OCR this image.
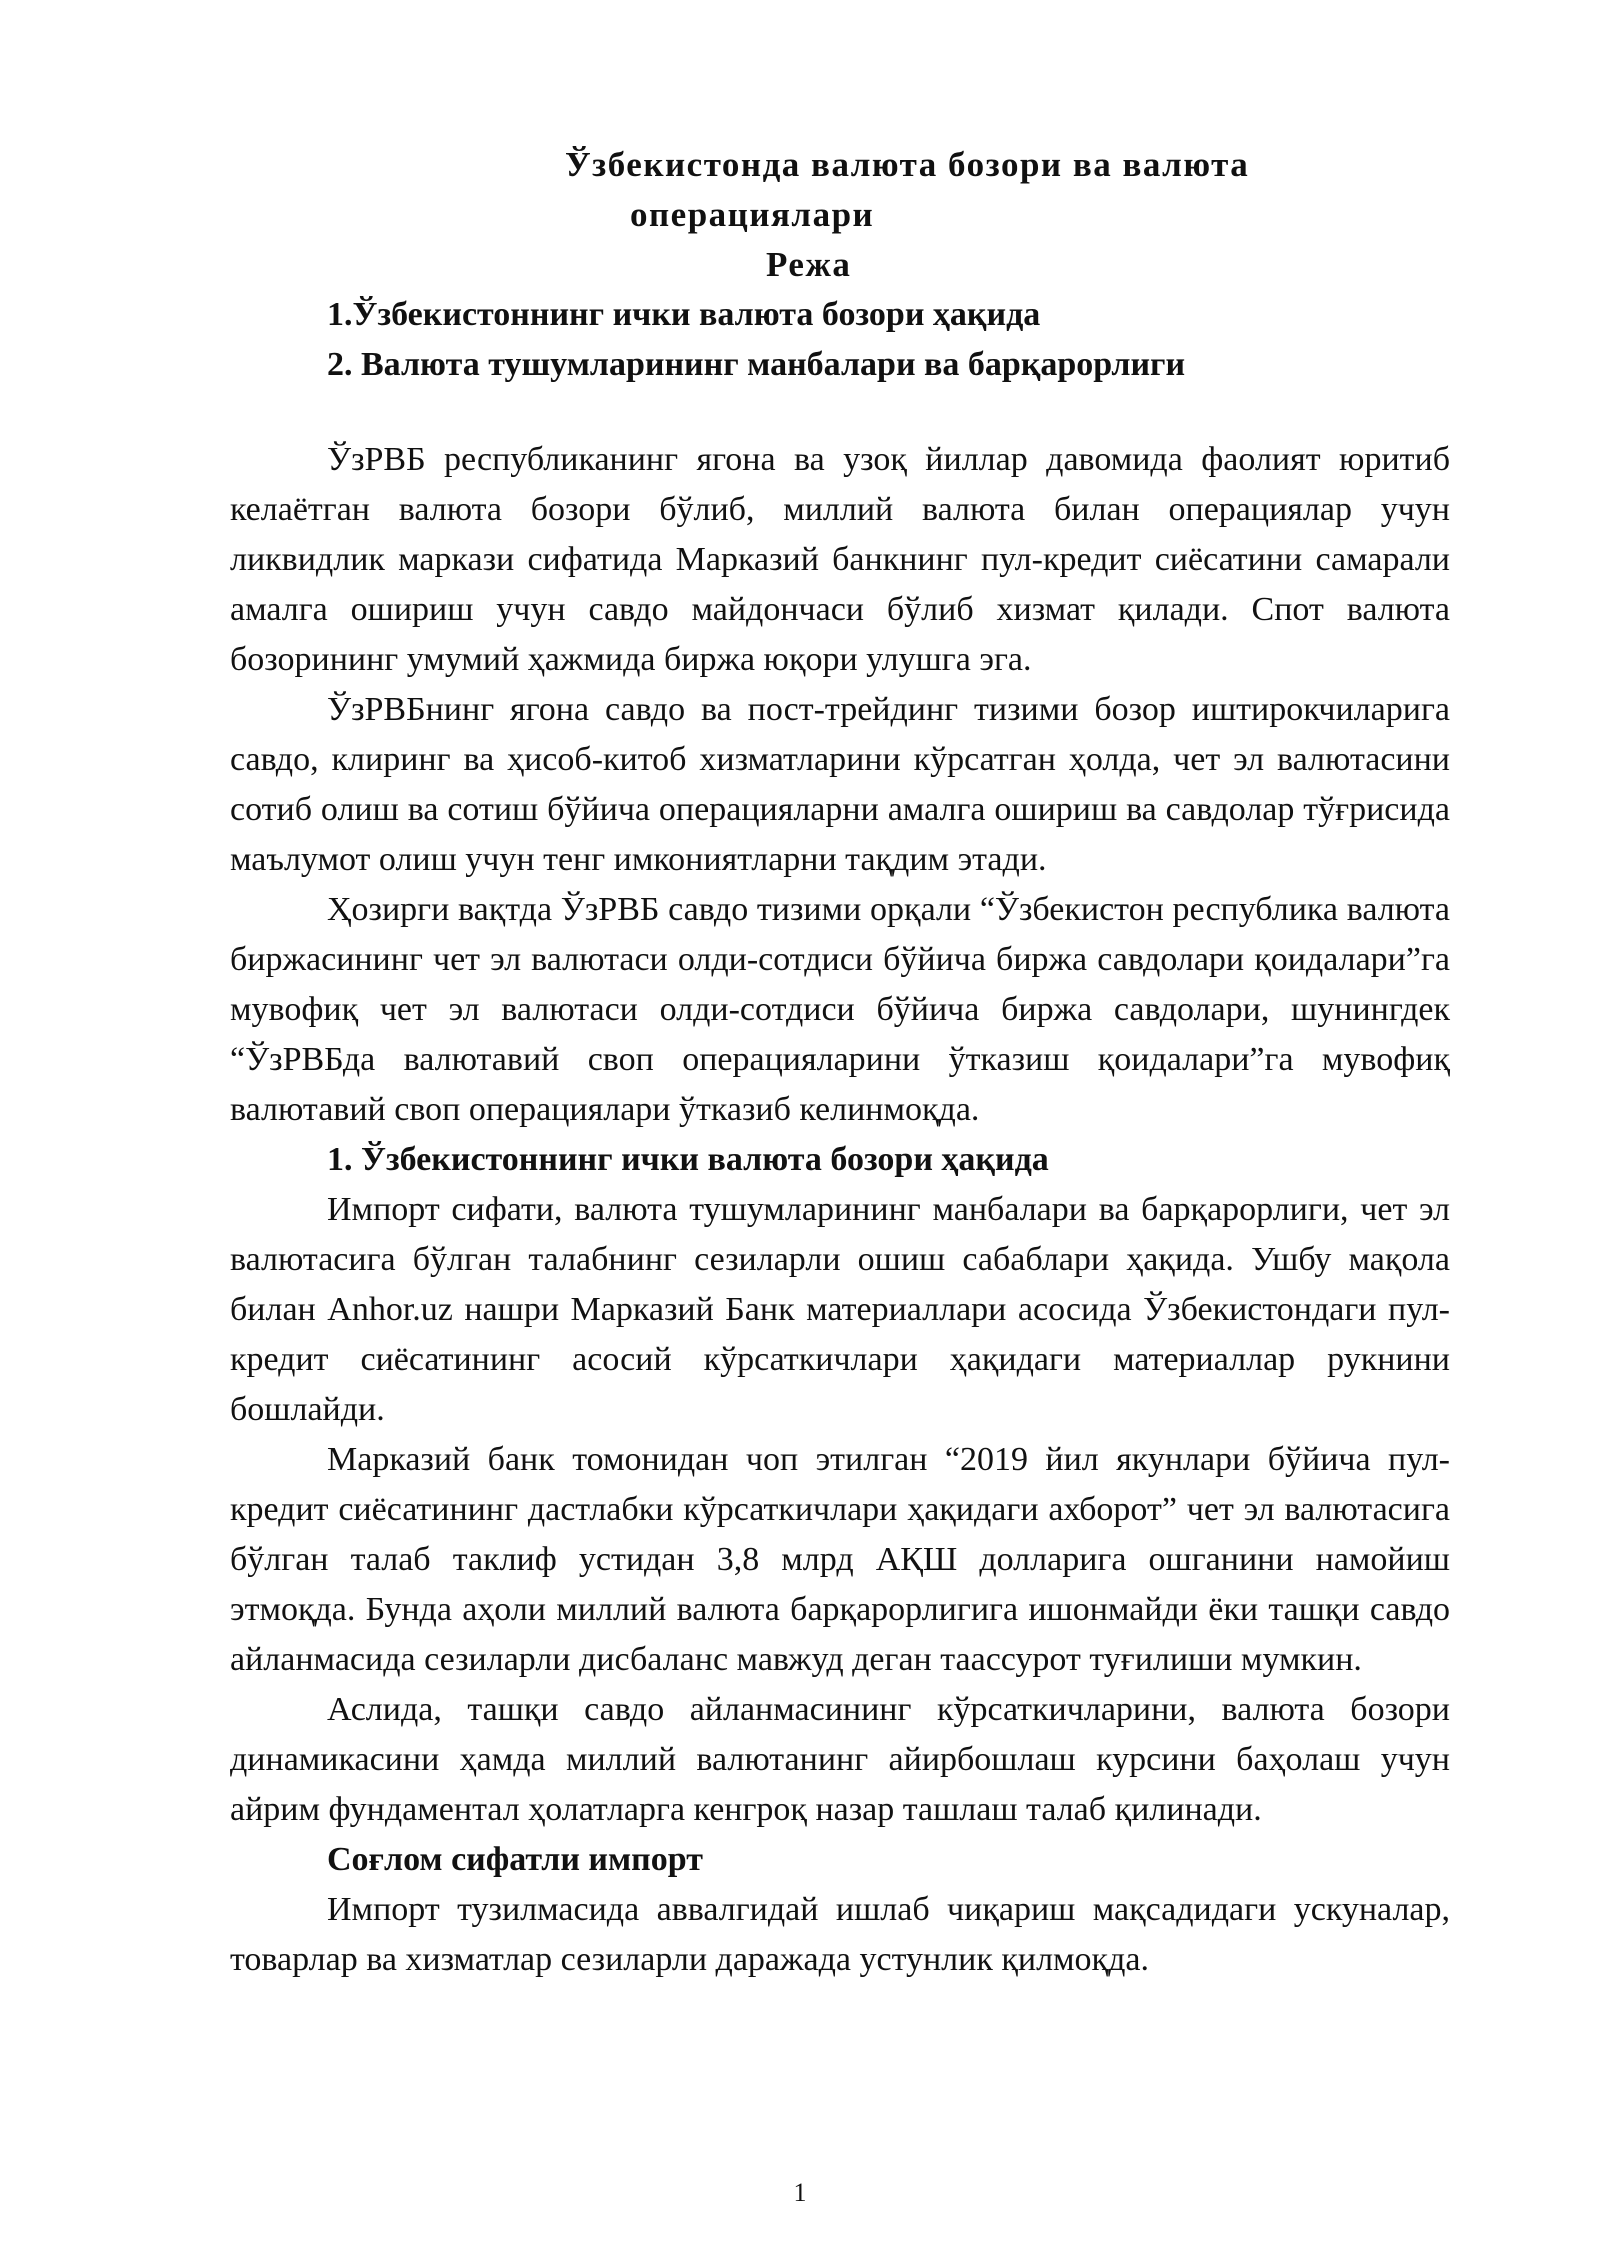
Ўзбекистонда валюта бозори ва валюта
операциялари
Режа

1.Ўзбекистоннинг ички валюта бозори ҳақида

2. Валюта тушумларининг манбалари ва барқарорлиги

ЎзРВБ республиканинг ягона ва узоқ йиллар давомида фаолият юритиб келаётган валюта бозори бўлиб, миллий валюта билан операциялар учун ликвидлик маркази сифатида Марказий банкнинг пул-кредит сиёсатини самарали амалга ошириш учун савдо майдончаси бўлиб хизмат қилади. Спот валюта бозорининг умумий ҳажмида биржа юқори улушга эга.

ЎзРВБнинг ягона савдо ва пост-трейдинг тизими бозор иштирокчиларига савдо, клиринг ва ҳисоб-китоб хизматларини кўрсатган ҳолда, чет эл валютасини сотиб олиш ва сотиш бўйича операцияларни амалга ошириш ва савдолар тўғрисида маълумот олиш учун тенг имкониятларни тақдим этади.

Ҳозирги вақтда ЎзРВБ савдо тизими орқали “Ўзбекистон республика валюта биржасининг чет эл валютаси олди-сотдиси бўйича биржа савдолари қоидалари”га мувофиқ чет эл валютаси олди-сотдиси бўйича биржа савдолари, шунингдек “ЎзРВБда валютавий своп операцияларини ўтказиш қоидалари”га мувофиқ валютавий своп операциялари ўтказиб келинмоқда.

1. Ўзбекистоннинг ички валюта бозори ҳақида

Импорт сифати, валюта тушумларининг манбалари ва барқарорлиги, чет эл валютасига бўлган талабнинг сезиларли ошиш сабаблари ҳақида. Ушбу мақола билан Anhor.uz нашри Марказий Банк материаллари асосида Ўзбекистондаги пул-кредит сиёсатининг асосий кўрсаткичлари ҳақидаги материаллар рукнини бошлайди.

Марказий банк томонидан чоп этилган “2019 йил якунлари бўйича пул-кредит сиёсатининг дастлабки кўрсаткичлари ҳақидаги ахборот” чет эл валютасига бўлган талаб таклиф устидан 3,8 млрд АҚШ долларига ошганини намойиш этмоқда. Бунда аҳоли миллий валюта барқарорлигига ишонмайди ёки ташқи савдо айланмасида сезиларли дисбаланс мавжуд деган таассурот туғилиши мумкин.

Аслида, ташқи савдо айланмасининг кўрсаткичларини, валюта бозори динамикасини ҳамда миллий валютанинг айирбошлаш курсини баҳолаш учун айрим фундаментал ҳолатларга кенгроқ назар ташлаш талаб қилинади.

Соғлом сифатли импорт

Импорт тузилмасида аввалгидай ишлаб чиқариш мақсадидаги ускуналар, товарлар ва хизматлар сезиларли даражада устунлик қилмоқда.

1
